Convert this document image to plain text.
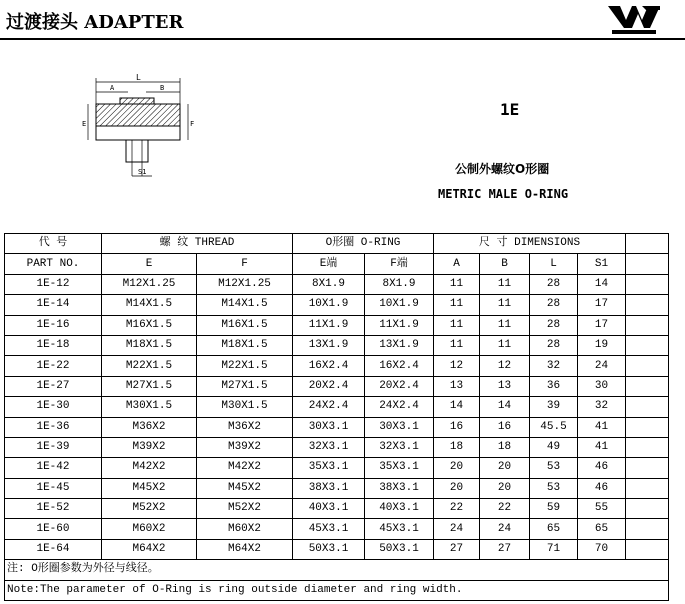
过渡接头 ADAPTER
L
A	B
E	F
S1
1E
公制外螺纹O形圈
METRIC MALE O-RING
代 号	螺 纹 THREAD		O形圈 O-RING		尺 寸 DIMENSIONS				
PART NO.	E	F	E端	F端	A	B	L	S1	
1E-12	M12X1.25	M12X1.25	8X1.9	8X1.9	11	11	28	14	
1E-14	M14X1.5	M14X1.5	10X1.9	10X1.9	11	11	28	17	
1E-16	M16X1.5	M16X1.5	11X1.9	11X1.9	11	11	28	17	
1E-18	M18X1.5	M18X1.5	13X1.9	13X1.9	11	11	28	19	
1E-22	M22X1.5	M22X1.5	16X2.4	16X2.4	12	12	32	24	
1E-27	M27X1.5	M27X1.5	20X2.4	20X2.4	13	13	36	30	
1E-30	M30X1.5	M30X1.5	24X2.4	24X2.4	14	14	39	32	
1E-36	M36X2	M36X2	30X3.1	30X3.1	16	16	45.5	41	
1E-39	M39X2	M39X2	32X3.1	32X3.1	18	18	49	41	
1E-42	M42X2	M42X2	35X3.1	35X3.1	20	20	53	46	
1E-45	M45X2	M45X2	38X3.1	38X3.1	20	20	53	46	
1E-52	M52X2	M52X2	40X3.1	40X3.1	22	22	59	55	
1E-60	M60X2	M60X2	45X3.1	45X3.1	24	24	65	65	
1E-64	M64X2	M64X2	50X3.1	50X3.1	27	27	71	70	
注: O形圈参数为外径与线径。									
Note:The parameter of O-Ring is ring outside diameter and ring width.									
